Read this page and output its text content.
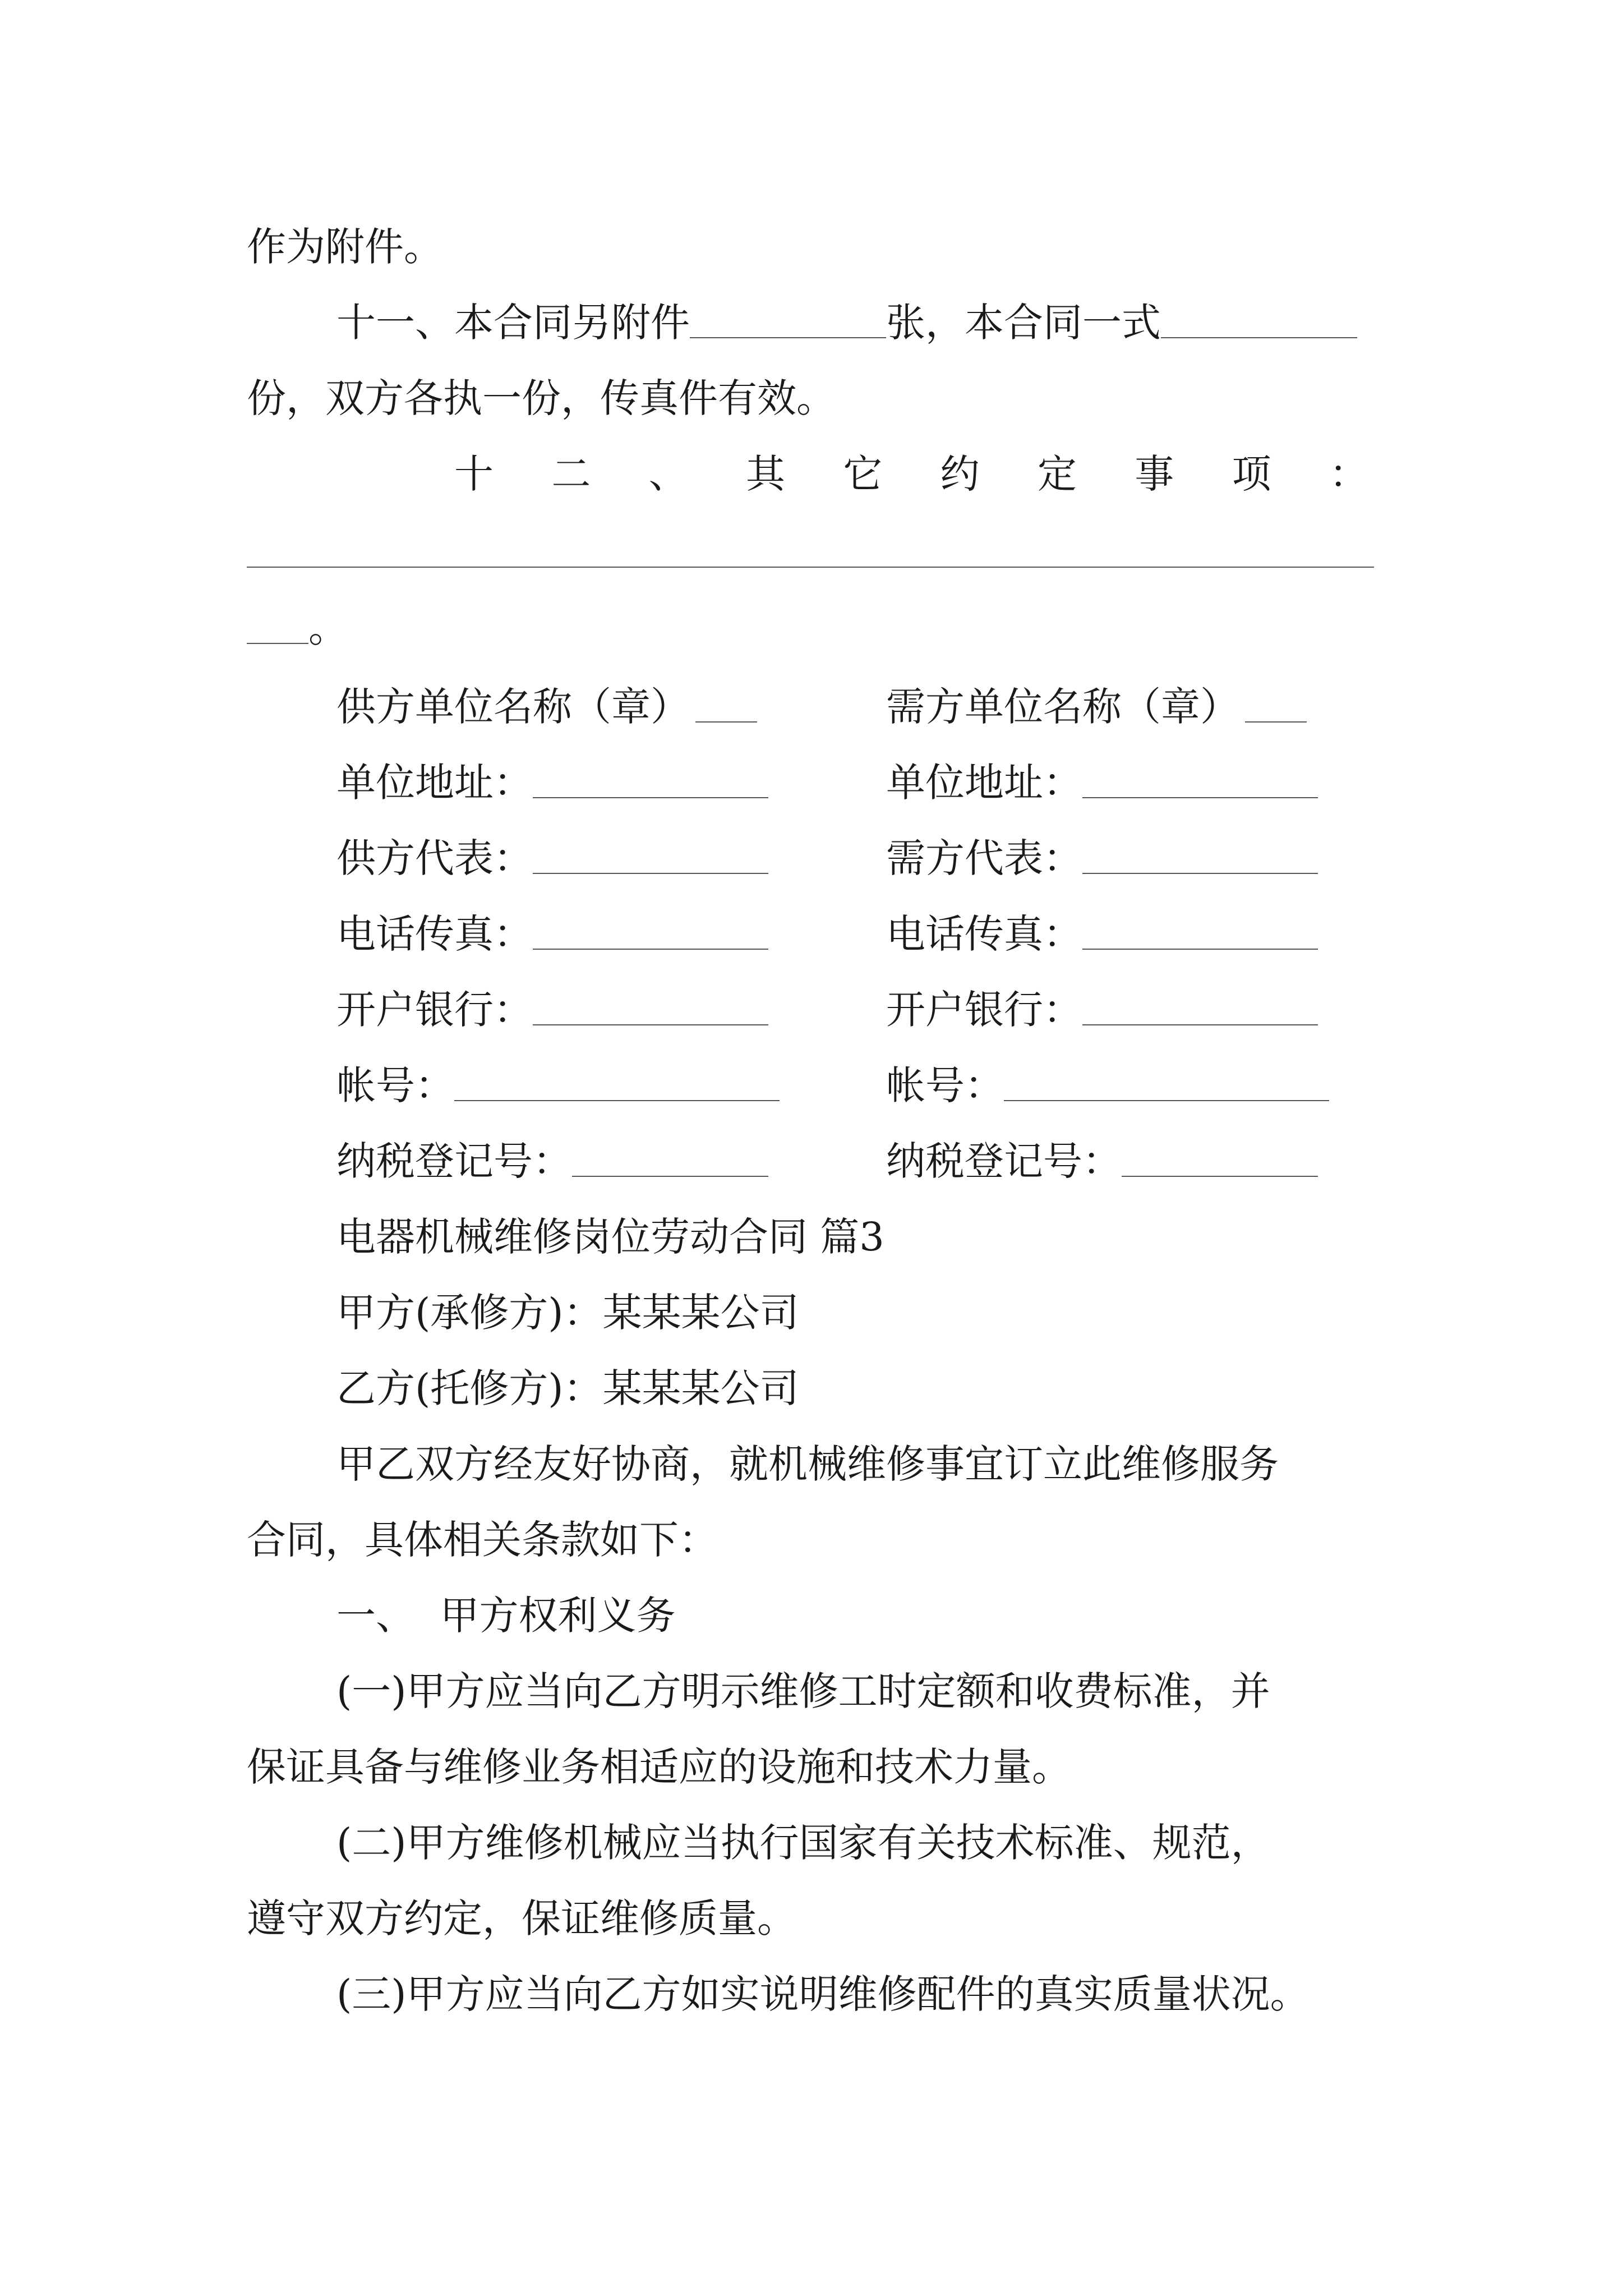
作为附件。
十一、本合同另附件	张，本合同一式
份，双方各执一份，传真件有效。
十 二 、 其 它 约 定 事 项 ：
。
供方单位名称（章）	需方单位名称（章）
单位地址：	单位地址：
供方代表：	需方代表：
电话传真：	电话传真：
开户银行：	开户银行：
帐号：	帐号：
纳税登记号：	纳税登记号：
电器机械维修岗位劳动合同 篇3
甲方(承修方)：某某某公司
乙方(托修方)：某某某公司
甲乙双方经友好协商，就机械维修事宜订立此维修服务
合同，具体相关条款如下：
一、  甲方权利义务
(一)甲方应当向乙方明示维修工时定额和收费标准，并
保证具备与维修业务相适应的设施和技术力量。
(二)甲方维修机械应当执行国家有关技术标准、规范，
遵守双方约定，保证维修质量。
(三)甲方应当向乙方如实说明维修配件的真实质量状况。
